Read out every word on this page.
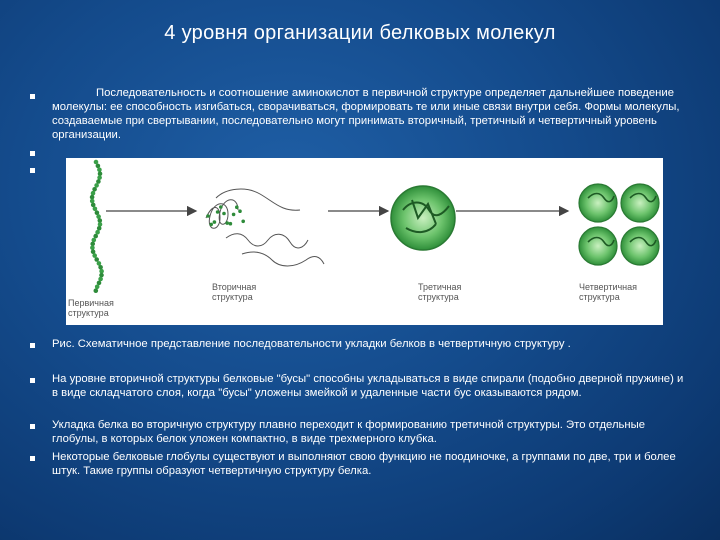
4 уровня организации белковых молекул
Последовательность и соотношение аминокислот в первичной структуре определяет дальнейшее поведение молекулы: ее способность изгибаться, сворачиваться, формировать те или иные связи внутри себя. Формы молекулы, создаваемые при свертывании, последовательно могут принимать вторичный, третичный и четвертичный уровень организации.
Первичная
структура
Вторичная
структура
Третичная
структура
Четвертичная
структура
Рис. Схематичное представление последовательности укладки белков в четвертичную структуру .
На уровне вторичной структуры белковые "бусы" способны укладываться в виде спирали (подобно дверной пружине) и в виде складчатого слоя, когда "бусы" уложены змейкой и удаленные части бус оказываются рядом.
Укладка белка во вторичную структуру плавно переходит к формированию третичной структуры. Это отдельные глобулы, в которых белок уложен компактно, в виде трехмерного клубка.
Некоторые белковые глобулы существуют и выполняют свою функцию не поодиночке, а группами по две, три и более штук. Такие группы образуют четвертичную структуру белка.
